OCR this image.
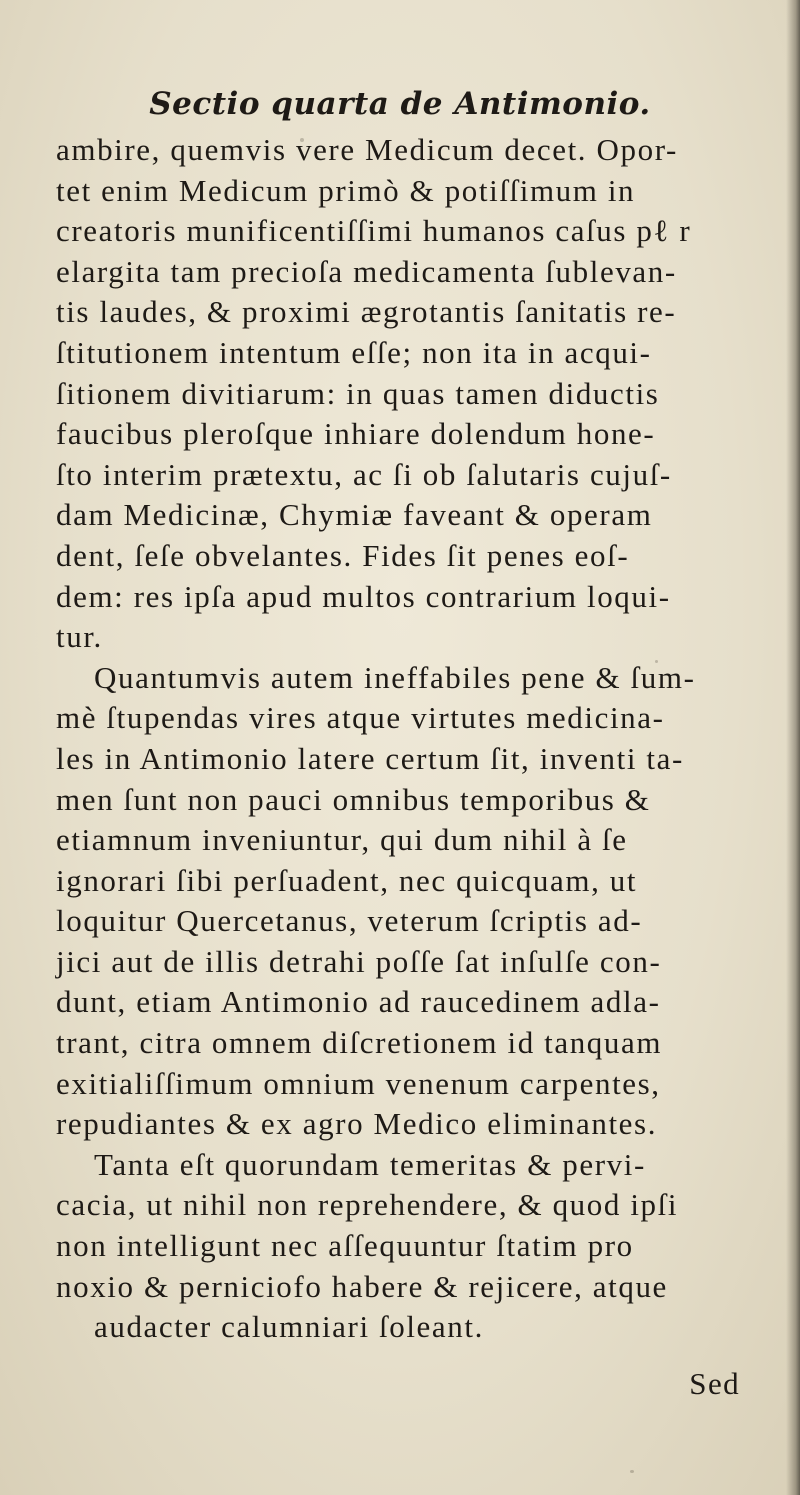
Sectio quarta de Antimonio.
ambire, quemvis vere Medicum decet. Opor-
tet enim Medicum primò & potiſſimum in
creatoris munificentiſſimi humanos caſus pℓ r
elargita tam precioſa medicamenta ſublevan-
tis laudes, & proximi ægrotantis ſanitatis re-
ſtitutionem intentum eſſe; non ita in acqui-
ſitionem divitiarum: in quas tamen diductis
faucibus pleroſque inhiare dolendum hone-
ſto interim prætextu, ac ſi ob ſalutaris cujuſ-
dam Medicinæ, Chymiæ faveant & operam
dent, ſeſe obvelantes. Fides ſit penes eoſ-
dem: res ipſa apud multos contrarium loqui-
tur.
Quantumvis autem ineffabiles pene & ſum-
mè ſtupendas vires atque virtutes medicina-
les in Antimonio latere certum ſit, inventi ta-
men ſunt non pauci omnibus temporibus &
etiamnum inveniuntur, qui dum nihil à ſe
ignorari ſibi perſuadent, nec quicquam, ut
loquitur Quercetanus, veterum ſcriptis ad-
jici aut de illis detrahi poſſe ſat inſulſe con-
dunt, etiam Antimonio ad raucedinem adla-
trant, citra omnem diſcretionem id tanquam
exitialiſſimum omnium venenum carpentes,
repudiantes & ex agro Medico eliminantes.
Tanta eſt quorundam temeritas & pervi-
cacia, ut nihil non reprehendere, & quod ipſi
non intelligunt nec aſſequuntur ſtatim pro
noxio & perniciofo habere & rejicere, atque
audacter calumniari ſoleant.
Sed
